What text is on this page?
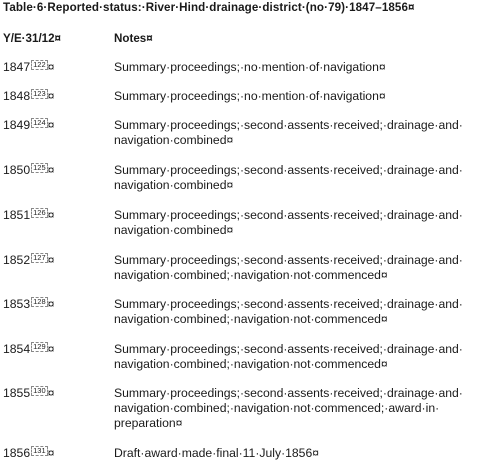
Table·6·Reported·status:·River·Hind·drainage·district·(no·79)·1847–1856¤
Y/E·31/12¤	Notes¤
1847 122 ¤	Summary·proceedings;·no·mention·of·navigation¤
1848 123 ¤	Summary·proceedings;·no·mention·of·navigation¤
1849 124 ¤	Summary·proceedings;·second·assents·received;·drainage·and· navigation·combined¤
1850 125 ¤	Summary·proceedings;·second·assents·received;·drainage·and· navigation·combined¤
1851 126 ¤	Summary·proceedings;·second·assents·received;·drainage·and· navigation·combined¤
1852 127 ¤	Summary·proceedings;·second·assents·received;·drainage·and· navigation·combined;·navigation·not·commenced¤
1853 128 ¤	Summary·proceedings;·second·assents·received;·drainage·and· navigation·combined;·navigation·not·commenced¤
1854 129 ¤	Summary·proceedings;·second·assents·received;·drainage·and· navigation·combined;·navigation·not·commenced¤
1855 130 ¤	Summary·proceedings;·second·assents·received;·drainage·and· navigation·combined;·navigation·not·commenced;·award·in· preparation¤
1856 131 ¤	Draft·award·made·final·11·July·1856¤
